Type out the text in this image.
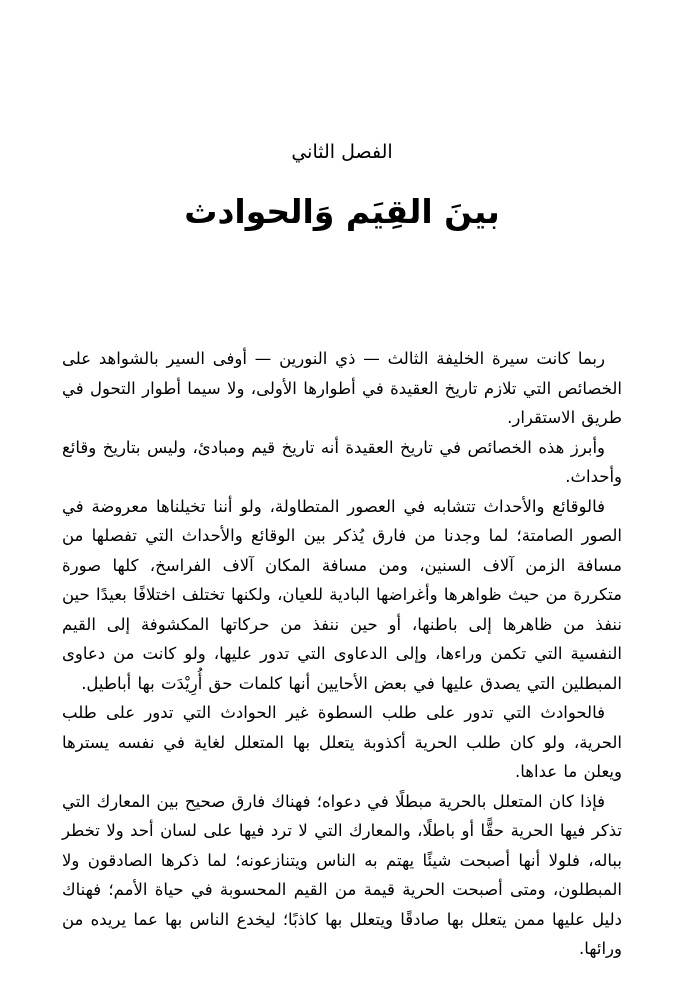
الفصل الثاني
بينَ القِيَم وَالحوادث

ربما كانت سيرة الخليفة الثالث — ذي النورين — أوفى السير بالشواهد على الخصائص التي تلازم تاريخ العقيدة في أطوارها الأولى، ولا سيما أطوار التحول في طريق الاستقرار.

وأبرز هذه الخصائص في تاريخ العقيدة أنه تاريخ قيم ومبادئ، وليس بتاريخ وقائع وأحداث.

فالوقائع والأحداث تتشابه في العصور المتطاولة، ولو أننا تخيلناها معروضة في الصور الصامتة؛ لما وجدنا من فارق يُذكر بين الوقائع والأحداث التي تفصلها من مسافة الزمن آلاف السنين، ومن مسافة المكان آلاف الفراسخ، كلها صورة متكررة من حيث ظواهرها وأغراضها البادية للعيان، ولكنها تختلف اختلافًا بعيدًا حين ننفذ من ظاهرها إلى باطنها، أو حين ننفذ من حركاتها المكشوفة إلى القيم النفسية التي تكمن وراءها، وإلى الدعاوى التي تدور عليها، ولو كانت من دعاوى المبطلين التي يصدق عليها في بعض الأحايين أنها كلمات حق أُرِيْدَت بها أباطيل.

فالحوادث التي تدور على طلب السطوة غير الحوادث التي تدور على طلب الحرية، ولو كان طلب الحرية أكذوبة يتعلل بها المتعلل لغاية في نفسه يسترها ويعلن ما عداها.

فإذا كان المتعلل بالحرية مبطلًا في دعواه؛ فهناك فارق صحيح بين المعارك التي تذكر فيها الحرية حقًّا أو باطلًا، والمعارك التي لا ترد فيها على لسان أحد ولا تخطر بباله، فلولا أنها أصبحت شيئًا يهتم به الناس ويتنازعونه؛ لما ذكرها الصادقون ولا المبطلون، ومتى أصبحت الحرية قيمة من القيم المحسوبة في حياة الأمم؛ فهناك دليل عليها ممن يتعلل بها صادقًا ويتعلل بها كاذبًا؛ ليخدع الناس بها عما يريده من ورائها.
